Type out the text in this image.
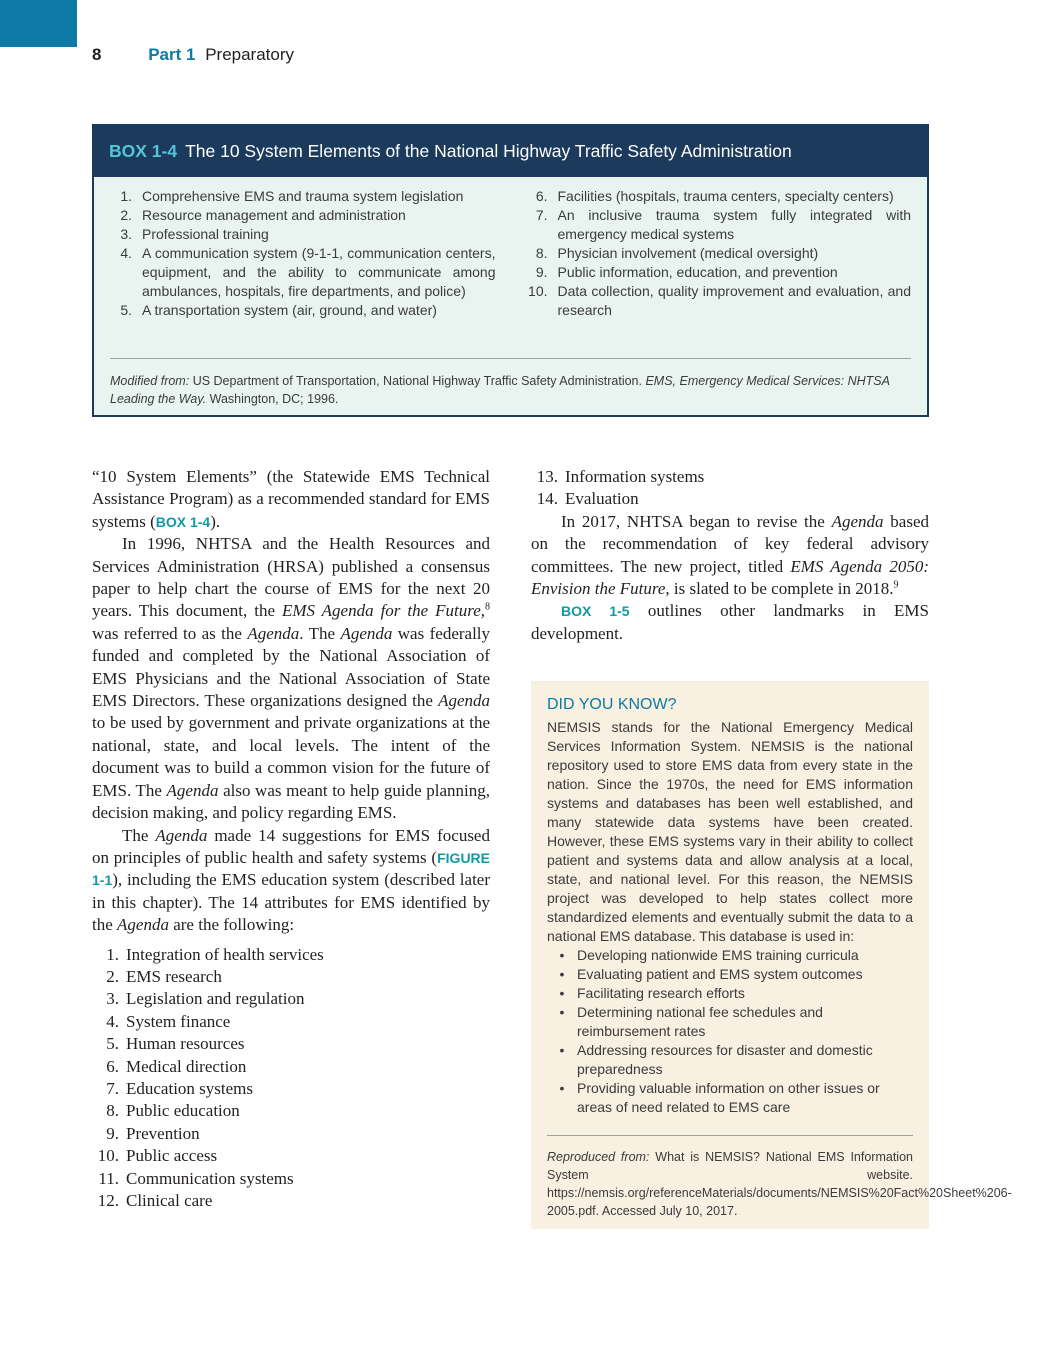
8	Part 1 Preparatory
BOX 1-4 The 10 System Elements of the National Highway Traffic Safety Administration
1. Comprehensive EMS and trauma system legislation
2. Resource management and administration
3. Professional training
4. A communication system (9-1-1, communication centers, equipment, and the ability to communicate among ambulances, hospitals, fire departments, and police)
5. A transportation system (air, ground, and water)
6. Facilities (hospitals, trauma centers, specialty centers)
7. An inclusive trauma system fully integrated with emergency medical systems
8. Physician involvement (medical oversight)
9. Public information, education, and prevention
10. Data collection, quality improvement and evaluation, and research
Modified from: US Department of Transportation, National Highway Traffic Safety Administration. EMS, Emergency Medical Services: NHTSA Leading the Way. Washington, DC; 1996.

“10 System Elements” (the Statewide EMS Technical Assistance Program) as a recommended standard for EMS systems (BOX 1-4).

In 1996, NHTSA and the Health Resources and Services Administration (HRSA) published a consensus paper to help chart the course of EMS for the next 20 years. This document, the EMS Agenda for the Future,$^8$ was referred to as the Agenda. The Agenda was federally funded and completed by the National Association of EMS Physicians and the National Association of State EMS Directors. These organizations designed the Agenda to be used by government and private organizations at the national, state, and local levels. The intent of the document was to build a common vision for the future of EMS. The Agenda also was meant to help guide planning, decision making, and policy regarding EMS.

The Agenda made 14 suggestions for EMS focused on principles of public health and safety systems (FIGURE 1-1), including the EMS education system (described later in this chapter). The 14 attributes for EMS identified by the Agenda are the following:

1. Integration of health services
2. EMS research
3. Legislation and regulation
4. System finance
5. Human resources
6. Medical direction
7. Education systems
8. Public education
9. Prevention
10. Public access
11. Communication systems
12. Clinical care
13. Information systems
14. Evaluation

In 2017, NHTSA began to revise the Agenda based on the recommendation of key federal advisory committees. The new project, titled EMS Agenda 2050: Envision the Future, is slated to be complete in 2018.$^9$

BOX 1-5 outlines other landmarks in EMS development.

DID YOU KNOW?
NEMSIS stands for the National Emergency Medical Services Information System. NEMSIS is the national repository used to store EMS data from every state in the nation. Since the 1970s, the need for EMS information systems and databases has been well established, and many statewide data systems have been created. However, these EMS systems vary in their ability to collect patient and systems data and allow analysis at a local, state, and national level. For this reason, the NEMSIS project was developed to help states collect more standardized elements and eventually submit the data to a national EMS database. This database is used in:
• Developing nationwide EMS training curricula
• Evaluating patient and EMS system outcomes
• Facilitating research efforts
• Determining national fee schedules and reimbursement rates
• Addressing resources for disaster and domestic preparedness
• Providing valuable information on other issues or areas of need related to EMS care
Reproduced from: What is NEMSIS? National EMS Information System website. https://nemsis.org/referenceMaterials/documents/NEMSIS%20Fact%20Sheet%206-2005.pdf. Accessed July 10, 2017.
